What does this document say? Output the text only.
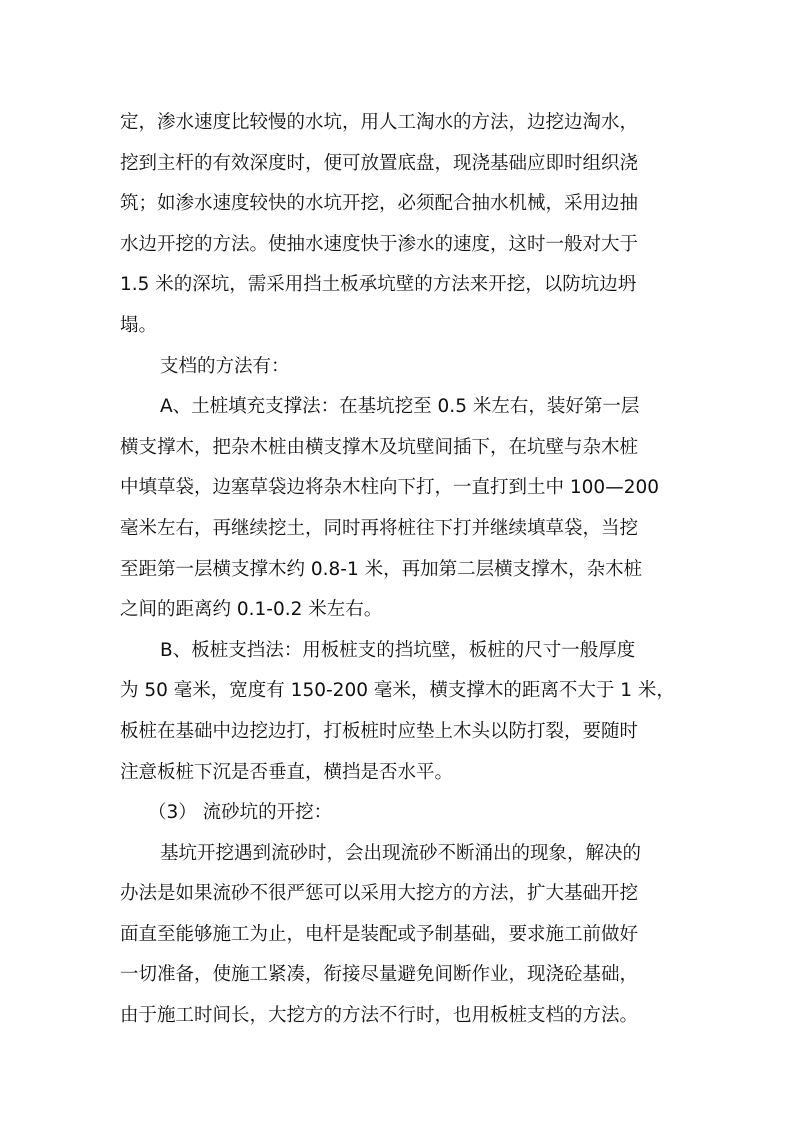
定，渗水速度比较慢的水坑，用人工淘水的方法，边挖边淘水，
挖到主杆的有效深度时，便可放置底盘，现浇基础应即时组织浇
筑；如渗水速度较快的水坑开挖，必须配合抽水机械，采用边抽
水边开挖的方法。使抽水速度快于渗水的速度，这时一般对大于
1.5 米的深坑，需采用挡土板承坑壁的方法来开挖，以防坑边坍
塌。
支档的方法有：
A、土桩填充支撑法：在基坑挖至 0.5 米左右，装好第一层
横支撑木，把杂木桩由横支撑木及坑壁间插下，在坑壁与杂木桩
中填草袋，边塞草袋边将杂木柱向下打，一直打到土中 100—200
毫米左右，再继续挖土，同时再将桩往下打并继续填草袋，当挖
至距第一层横支撑木约 0.8-1 米，再加第二层横支撑木，杂木桩
之间的距离约 0.1-0.2 米左右。
B、板桩支挡法：用板桩支的挡坑壁，板桩的尺寸一般厚度
为 50 毫米，宽度有 150-200 毫米，横支撑木的距离不大于 1 米，
板桩在基础中边挖边打，打板桩时应垫上木头以防打裂，要随时
注意板桩下沉是否垂直，横挡是否水平。
（3） 流砂坑的开挖：
基坑开挖遇到流砂时，会出现流砂不断涌出的现象，解决的
办法是如果流砂不很严惩可以采用大挖方的方法，扩大基础开挖
面直至能够施工为止，电杆是装配或予制基础，要求施工前做好
一切准备，使施工紧凑，衔接尽量避免间断作业，现浇砼基础，
由于施工时间长，大挖方的方法不行时，也用板桩支档的方法。
